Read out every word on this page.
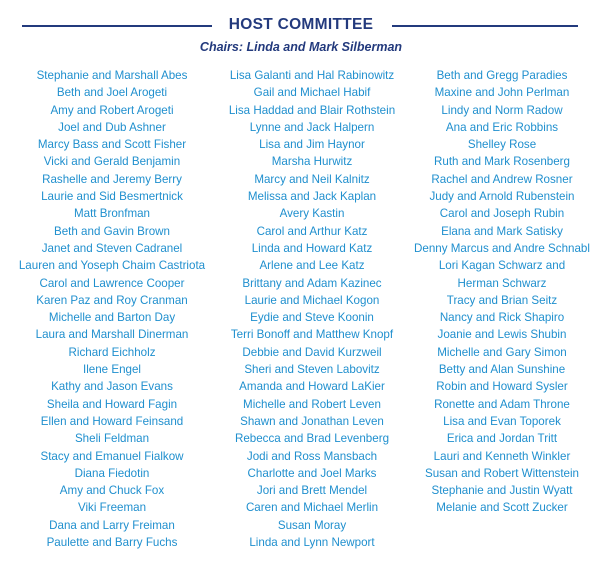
HOST COMMITTEE
Chairs: Linda and Mark Silberman
Stephanie and Marshall Abes
Beth and Joel Arogeti
Amy and Robert Arogeti
Joel and Dub Ashner
Marcy Bass and Scott Fisher
Vicki and Gerald Benjamin
Rashelle and Jeremy Berry
Laurie and Sid Besmertnick
Matt Bronfman
Beth and Gavin Brown
Janet and Steven Cadranel
Lauren and Yoseph Chaim Castriota
Carol and Lawrence Cooper
Karen Paz and Roy Cranman
Michelle and Barton Day
Laura and Marshall Dinerman
Richard Eichholz
Ilene Engel
Kathy and Jason Evans
Sheila and Howard Fagin
Ellen and Howard Feinsand
Sheli Feldman
Stacy and Emanuel Fialkow
Diana Fiedotin
Amy and Chuck Fox
Viki Freeman
Dana and Larry Freiman
Paulette and Barry Fuchs
Lisa Galanti and Hal Rabinowitz
Gail and Michael Habif
Lisa Haddad and Blair Rothstein
Lynne and Jack Halpern
Lisa and Jim Haynor
Marsha Hurwitz
Marcy and Neil Kalnitz
Melissa and Jack Kaplan
Avery Kastin
Carol and Arthur Katz
Linda and Howard Katz
Arlene and Lee Katz
Brittany and Adam Kazinec
Laurie and Michael Kogon
Eydie and Steve Koonin
Terri Bonoff and Matthew Knopf
Debbie and David Kurzweil
Sheri and Steven Labovitz
Amanda and Howard LaKier
Michelle and Robert Leven
Shawn and Jonathan Leven
Rebecca and Brad Levenberg
Jodi and Ross Mansbach
Charlotte and Joel Marks
Jori and Brett Mendel
Caren and Michael Merlin
Susan Moray
Linda and Lynn Newport
Beth and Gregg Paradies
Maxine and John Perlman
Lindy and Norm Radow
Ana and Eric Robbins
Shelley Rose
Ruth and Mark Rosenberg
Rachel and Andrew Rosner
Judy and Arnold Rubenstein
Carol and Joseph Rubin
Elana and Mark Satisky
Denny Marcus and Andre Schnabl
Lori Kagan Schwarz and
Herman Schwarz
Tracy and Brian Seitz
Nancy and Rick Shapiro
Joanie and Lewis Shubin
Michelle and Gary Simon
Betty and Alan Sunshine
Robin and Howard Sysler
Ronette and Adam Throne
Lisa and Evan Toporek
Erica and Jordan Tritt
Lauri and Kenneth Winkler
Susan and Robert Wittenstein
Stephanie and Justin Wyatt
Melanie and Scott Zucker
